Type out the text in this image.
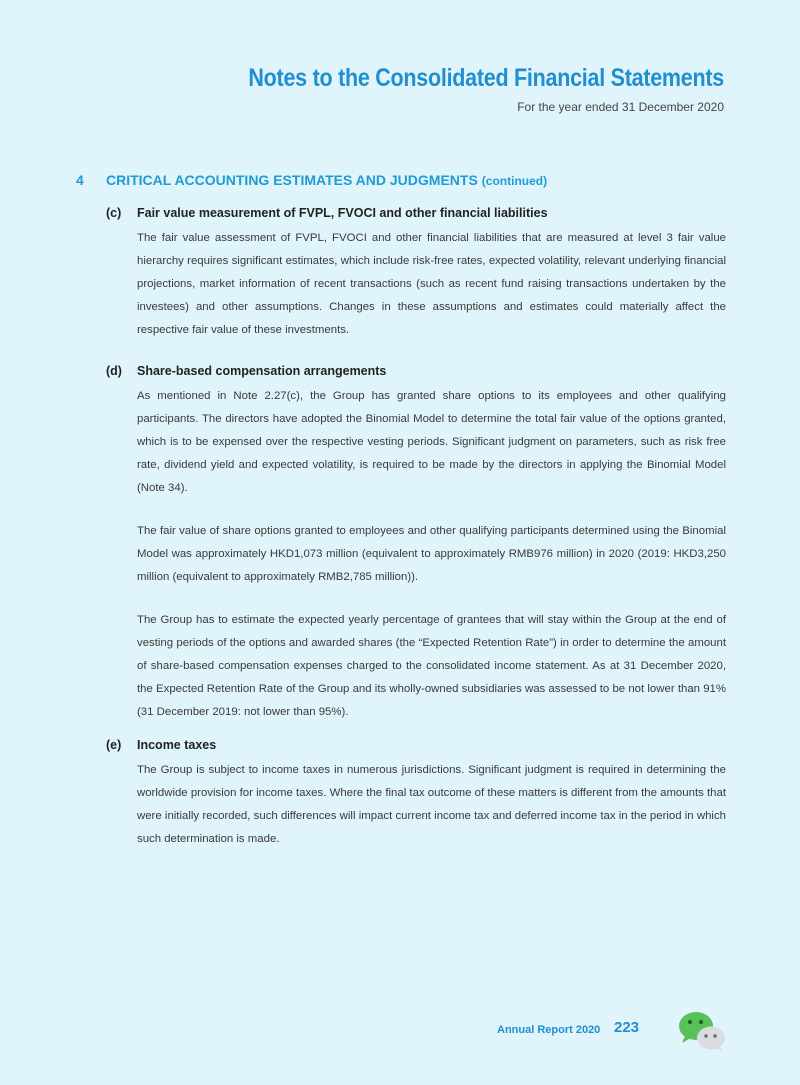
Notes to the Consolidated Financial Statements
For the year ended 31 December 2020
4 CRITICAL ACCOUNTING ESTIMATES AND JUDGMENTS (continued)
(c) Fair value measurement of FVPL, FVOCI and other financial liabilities

The fair value assessment of FVPL, FVOCI and other financial liabilities that are measured at level 3 fair value hierarchy requires significant estimates, which include risk-free rates, expected volatility, relevant underlying financial projections, market information of recent transactions (such as recent fund raising transactions undertaken by the investees) and other assumptions. Changes in these assumptions and estimates could materially affect the respective fair value of these investments.

(d) Share-based compensation arrangements

As mentioned in Note 2.27(c), the Group has granted share options to its employees and other qualifying participants. The directors have adopted the Binomial Model to determine the total fair value of the options granted, which is to be expensed over the respective vesting periods. Significant judgment on parameters, such as risk free rate, dividend yield and expected volatility, is required to be made by the directors in applying the Binomial Model (Note 34).

The fair value of share options granted to employees and other qualifying participants determined using the Binomial Model was approximately HKD1,073 million (equivalent to approximately RMB976 million) in 2020 (2019: HKD3,250 million (equivalent to approximately RMB2,785 million)).

The Group has to estimate the expected yearly percentage of grantees that will stay within the Group at the end of vesting periods of the options and awarded shares (the “Expected Retention Rate”) in order to determine the amount of share-based compensation expenses charged to the consolidated income statement. As at 31 December 2020, the Expected Retention Rate of the Group and its wholly-owned subsidiaries was assessed to be not lower than 91% (31 December 2019: not lower than 95%).

(e) Income taxes

The Group is subject to income taxes in numerous jurisdictions. Significant judgment is required in determining the worldwide provision for income taxes. Where the final tax outcome of these matters is different from the amounts that were initially recorded, such differences will impact current income tax and deferred income tax in the period in which such determination is made.

Annual Report 2020 223
